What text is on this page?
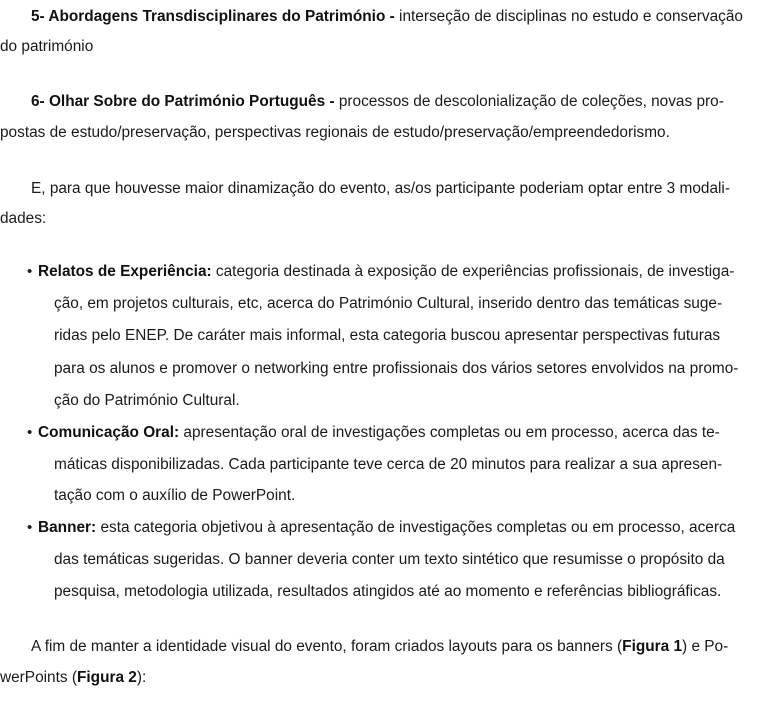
5- Abordagens Transdisciplinares do Património - interseção de disciplinas no estudo e conservação
do património
6- Olhar Sobre do Património Português - processos de descolonialização de coleções, novas pro-
postas de estudo/preservação, perspectivas regionais de estudo/preservação/empreendedorismo.
E, para que houvesse maior dinamização do evento, as/os participante poderiam optar entre 3 modali-
dades:
• Relatos de Experiência: categoria destinada à exposição de experiências profissionais, de investiga-
ção, em projetos culturais, etc, acerca do Património Cultural, inserido dentro das temáticas suge-
ridas pelo ENEP. De caráter mais informal, esta categoria buscou apresentar perspectivas futuras
para os alunos e promover o networking entre profissionais dos vários setores envolvidos na promo-
ção do Património Cultural.
• Comunicação Oral: apresentação oral de investigações completas ou em processo, acerca das te-
máticas disponibilizadas. Cada participante teve cerca de 20 minutos para realizar a sua apresen-
tação com o auxílio de PowerPoint.
• Banner: esta categoria objetivou à apresentação de investigações completas ou em processo, acerca
das temáticas sugeridas. O banner deveria conter um texto sintético que resumisse o propósito da
pesquisa, metodologia utilizada, resultados atingidos até ao momento e referências bibliográficas.
A fim de manter a identidade visual do evento, foram criados layouts para os banners (Figura 1) e Po-
werPoints (Figura 2):
